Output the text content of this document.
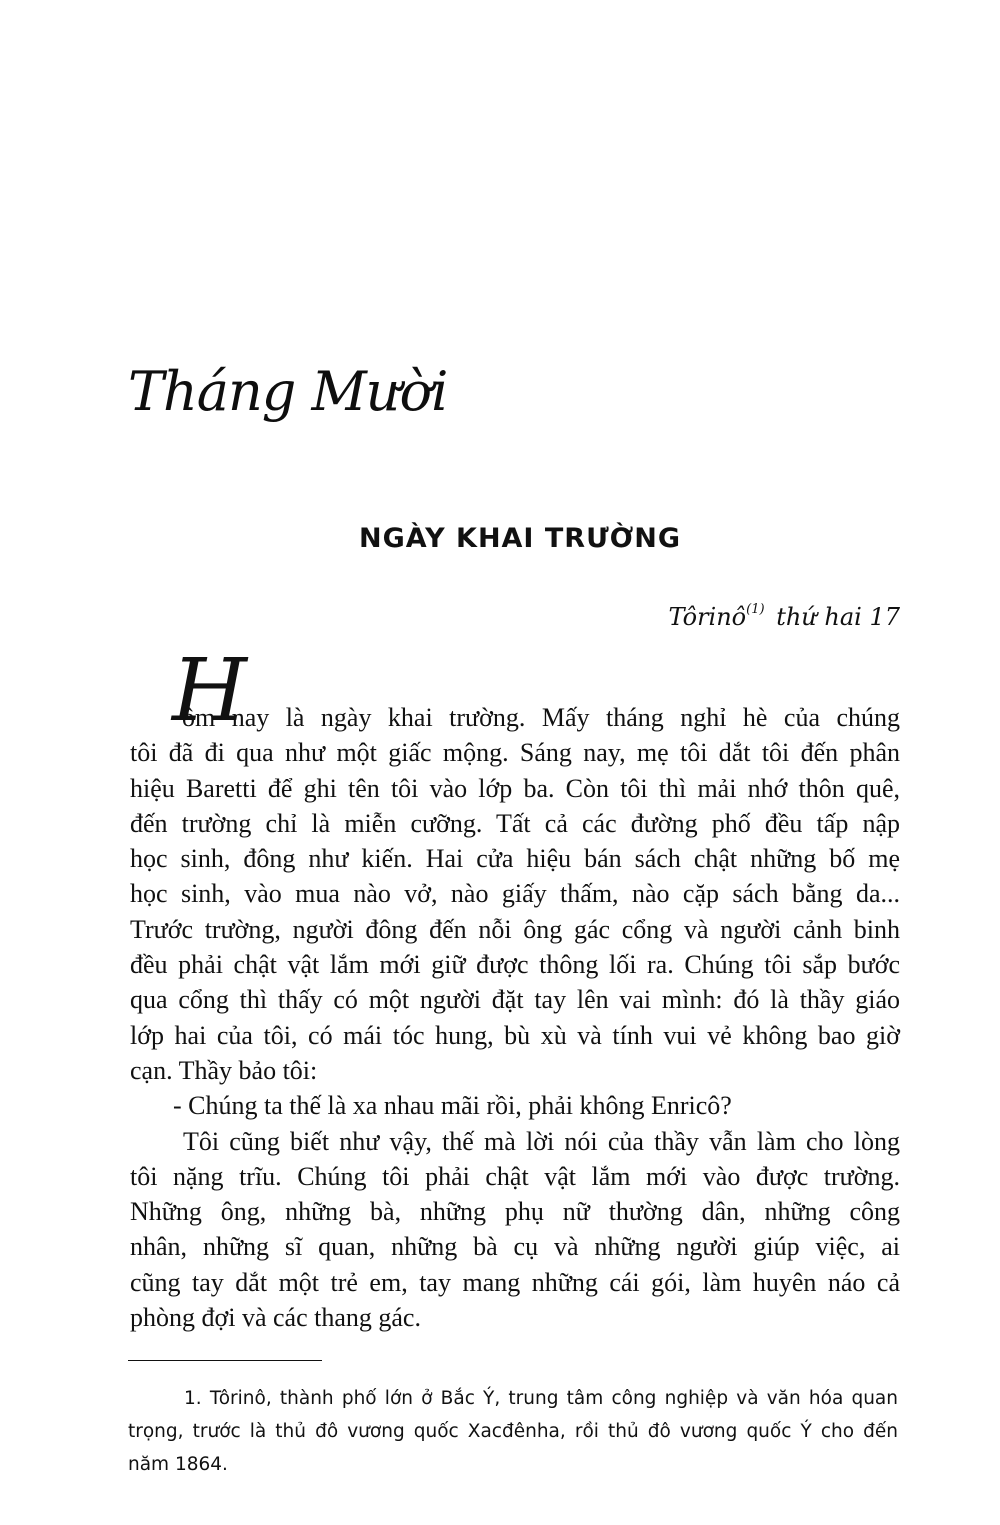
Tháng Mười
NGÀY KHAI TRƯỜNG
Tôrinô$^{(1)}$ thứ hai 17
H
ôm nay là ngày khai trường. Mấy tháng nghỉ hè của chúng
tôi đã đi qua như một giấc mộng. Sáng nay, mẹ tôi dắt tôi đến phân
hiệu Baretti để ghi tên tôi vào lớp ba. Còn tôi thì mải nhớ thôn quê,
đến trường chỉ là miễn cưỡng. Tất cả các đường phố đều tấp nập
học sinh, đông như kiến. Hai cửa hiệu bán sách chật những bố mẹ
học sinh, vào mua nào vở, nào giấy thấm, nào cặp sách bằng da...
Trước trường, người đông đến nỗi ông gác cổng và người cảnh binh
đều phải chật vật lắm mới giữ được thông lối ra. Chúng tôi sắp bước
qua cổng thì thấy có một người đặt tay lên vai mình: đó là thầy giáo
lớp hai của tôi, có mái tóc hung, bù xù và tính vui vẻ không bao giờ
cạn. Thầy bảo tôi:
- Chúng ta thế là xa nhau mãi rồi, phải không Enricô?
Tôi cũng biết như vậy, thế mà lời nói của thầy vẫn làm cho lòng
tôi nặng trĩu. Chúng tôi phải chật vật lắm mới vào được trường.
Những ông, những bà, những phụ nữ thường dân, những công
nhân, những sĩ quan, những bà cụ và những người giúp việc, ai
cũng tay dắt một trẻ em, tay mang những cái gói, làm huyên náo cả
phòng đợi và các thang gác.
1. Tôrinô, thành phố lớn ở Bắc Ý, trung tâm công nghiệp và văn hóa quan
trọng, trước là thủ đô vương quốc Xacđênha, rồi thủ đô vương quốc Ý cho đến
năm 1864.
